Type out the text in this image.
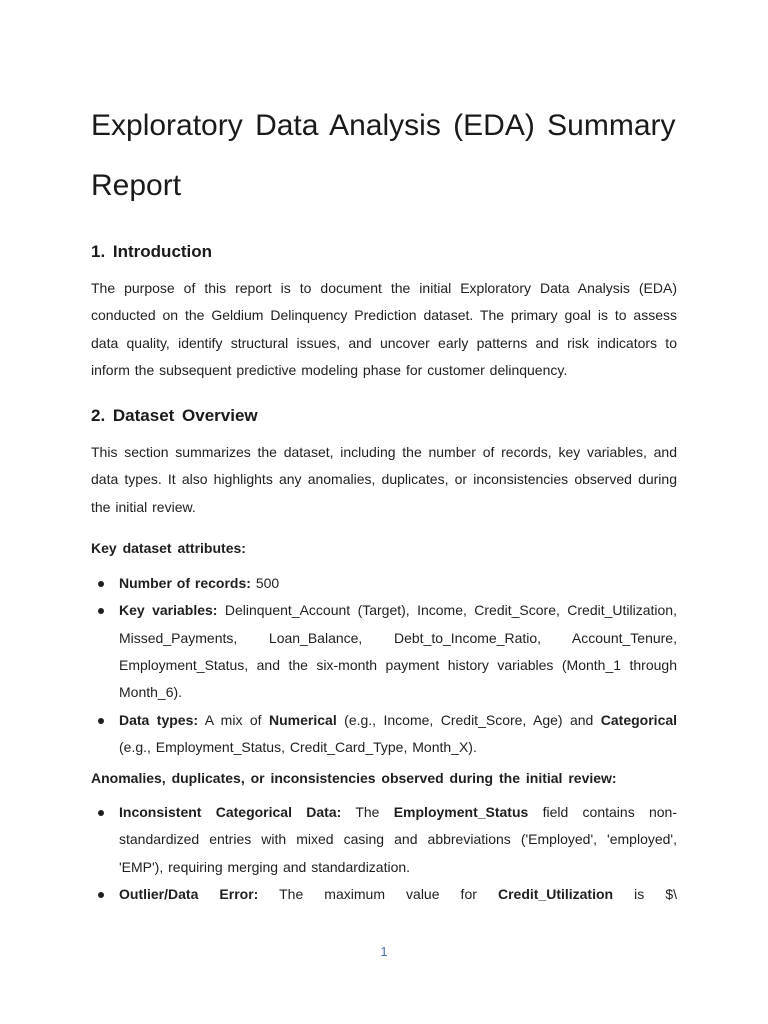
Exploratory Data Analysis (EDA) Summary Report
1. Introduction

The purpose of this report is to document the initial Exploratory Data Analysis (EDA) conducted on the Geldium Delinquency Prediction dataset. The primary goal is to assess data quality, identify structural issues, and uncover early patterns and risk indicators to inform the subsequent predictive modeling phase for customer delinquency.

2. Dataset Overview

This section summarizes the dataset, including the number of records, key variables, and data types. It also highlights any anomalies, duplicates, or inconsistencies observed during the initial review.

Key dataset attributes:
Number of records: 500
Key variables: Delinquent_Account (Target), Income, Credit_Score, Credit_Utilization, Missed_Payments, Loan_Balance, Debt_to_Income_Ratio, Account_Tenure, Employment_Status, and the six-month payment history variables (Month_1 through Month_6).
Data types: A mix of Numerical (e.g., Income, Credit_Score, Age) and Categorical (e.g., Employment_Status, Credit_Card_Type, Month_X).
Anomalies, duplicates, or inconsistencies observed during the initial review:
Inconsistent Categorical Data: The Employment_Status field contains non-standardized entries with mixed casing and abbreviations ('Employed', 'employed', 'EMP'), requiring merging and standardization.
Outlier/Data Error: The maximum value for Credit_Utilization is $\
1
